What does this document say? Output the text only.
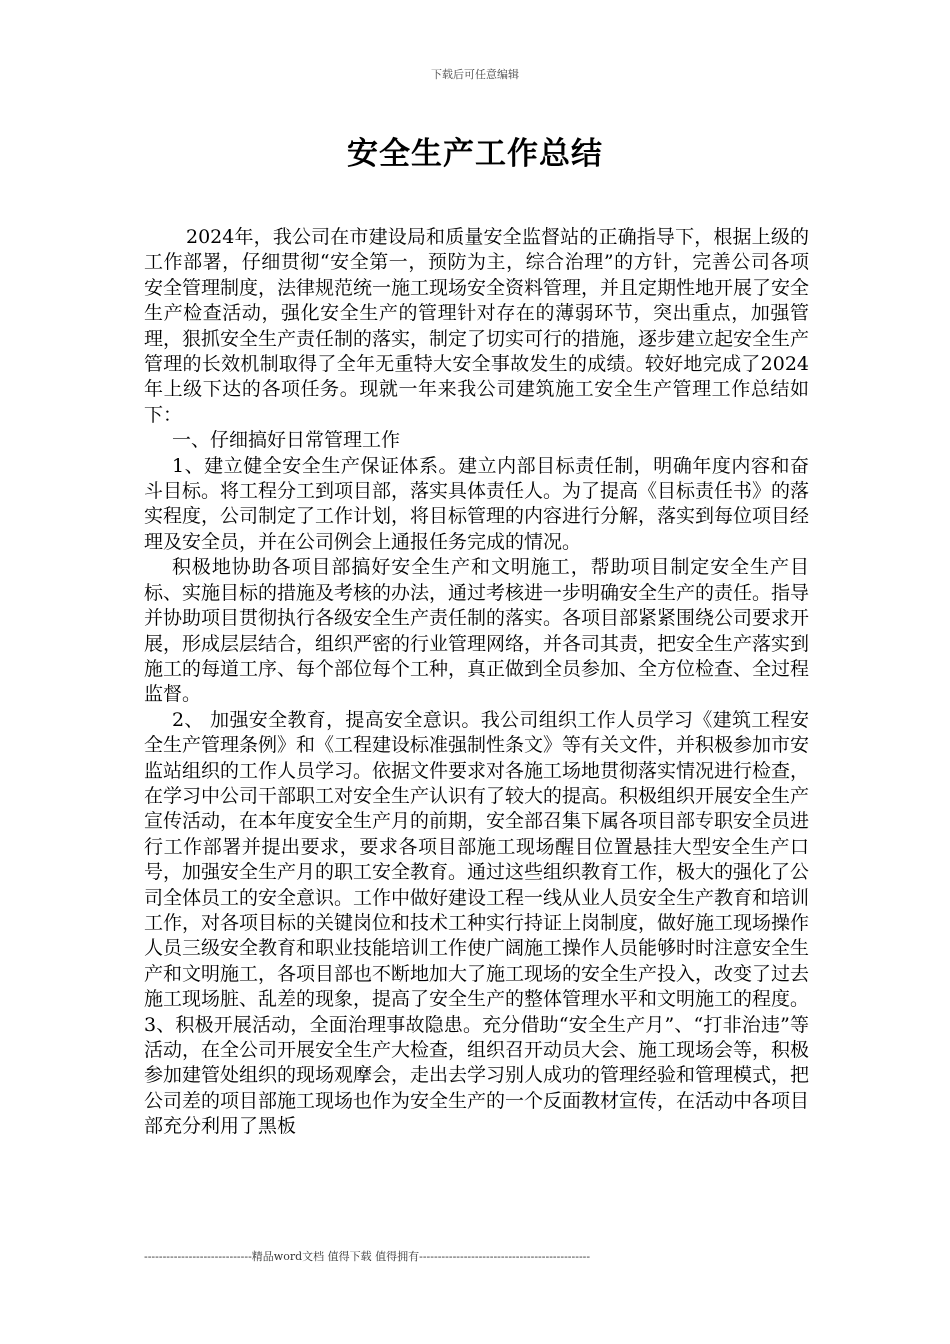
下载后可任意编辑
安全生产工作总结

2024年，我公司在市建设局和质量安全监督站的正确指导下，根据上级的工作部署，仔细贯彻“安全第一，预防为主，综合治理”的方针，完善公司各项安全管理制度，法律规范统一施工现场安全资料管理，并且定期性地开展了安全生产检查活动，强化安全生产的管理针对存在的薄弱环节，突出重点，加强管理，狠抓安全生产责任制的落实，制定了切实可行的措施，逐步建立起安全生产管理的长效机制取得了全年无重特大安全事故发生的成绩。较好地完成了2024年上级下达的各项任务。现就一年来我公司建筑施工安全生产管理工作总结如下：

一、仔细搞好日常管理工作

1、建立健全安全生产保证体系。建立内部目标责任制，明确年度内容和奋斗目标。将工程分工到项目部，落实具体责任人。为了提高《目标责任书》的落实程度，公司制定了工作计划，将目标管理的内容进行分解，落实到每位项目经理及安全员，并在公司例会上通报任务完成的情况。

积极地协助各项目部搞好安全生产和文明施工，帮助项目制定安全生产目标、实施目标的措施及考核的办法，通过考核进一步明确安全生产的责任。指导并协助项目贯彻执行各级安全生产责任制的落实。各项目部紧紧围绕公司要求开展，形成层层结合，组织严密的行业管理网络，并各司其责，把安全生产落实到施工的每道工序、每个部位每个工种，真正做到全员参加、全方位检查、全过程监督。

2、 加强安全教育，提高安全意识。我公司组织工作人员学习《建筑工程安全生产管理条例》和《工程建设标准强制性条文》等有关文件，并积极参加市安监站组织的工作人员学习。依据文件要求对各施工场地贯彻落实情况进行检查，在学习中公司干部职工对安全生产认识有了较大的提高。积极组织开展安全生产宣传活动，在本年度安全生产月的前期，安全部召集下属各项目部专职安全员进行工作部署并提出要求，要求各项目部施工现场醒目位置悬挂大型安全生产口号，加强安全生产月的职工安全教育。通过这些组织教育工作，极大的强化了公司全体员工的安全意识。工作中做好建设工程一线从业人员安全生产教育和培训工作，对各项目标的关键岗位和技术工种实行持证上岗制度，做好施工现场操作人员三级安全教育和职业技能培训工作使广阔施工操作人员能够时时注意安全生产和文明施工，各项目部也不断地加大了施工现场的安全生产投入，改变了过去施工现场脏、乱差的现象，提高了安全生产的整体管理水平和文明施工的程度。

3、积极开展活动，全面治理事故隐患。充分借助“安全生产月”、“打非治违”等活动，在全公司开展安全生产大检查，组织召开动员大会、施工现场会等，积极参加建管处组织的现场观摩会，走出去学习别人成功的管理经验和管理模式，把公司差的项目部施工现场也作为安全生产的一个反面教材宣传，在活动中各项目部充分利用了黑板

-----------------------------精品word文档 值得下载 值得拥有----------------------------------------------
